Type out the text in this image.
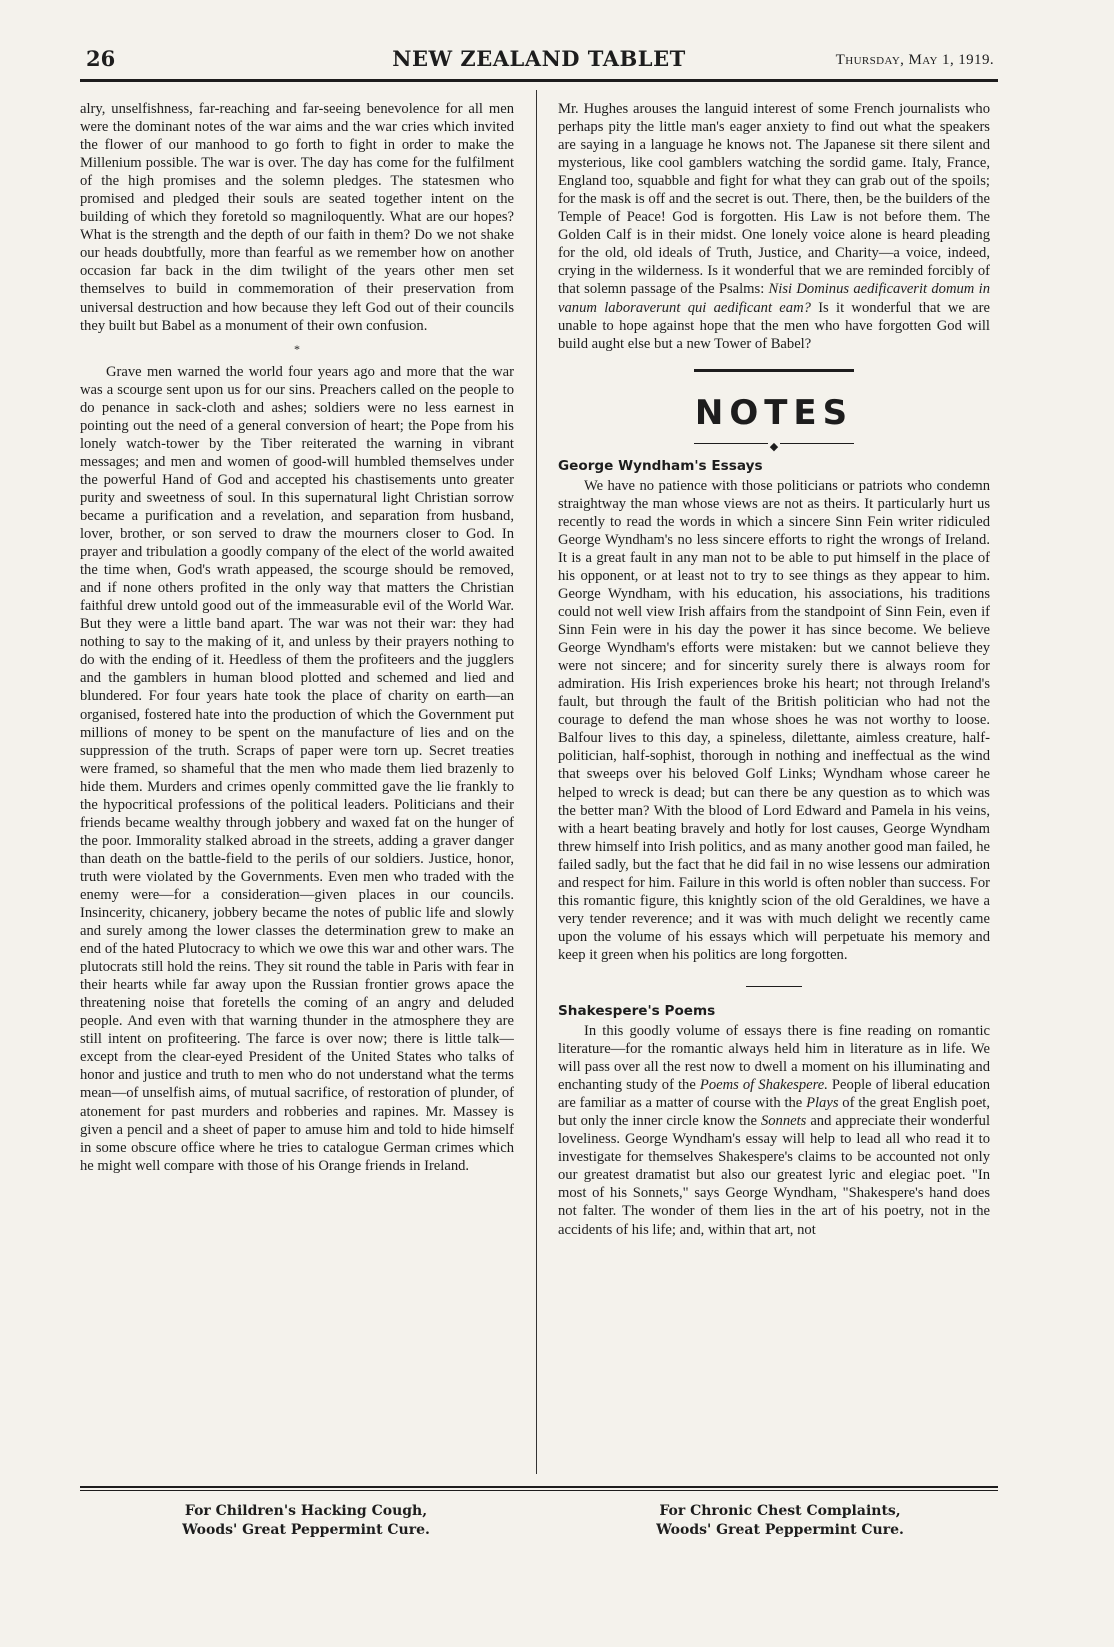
26	NEW ZEALAND TABLET	Thursday, May 1, 1919.

alry, unselfishness, far-reaching and far-seeing benevolence for all men were the dominant notes of the war aims and the war cries which invited the flower of our manhood to go forth to fight in order to make the Millenium possible. The war is over. The day has come for the fulfilment of the high promises and the solemn pledges. The statesmen who promised and pledged their souls are seated together intent on the building of which they foretold so magniloquently. What are our hopes? What is the strength and the depth of our faith in them? Do we not shake our heads doubtfully, more than fearful as we remember how on another occasion far back in the dim twilight of the years other men set themselves to build in commemoration of their preservation from universal destruction and how because they left God out of their councils they built but Babel as a monument of their own confusion.

*

Grave men warned the world four years ago and more that the war was a scourge sent upon us for our sins. Preachers called on the people to do penance in sack-cloth and ashes; soldiers were no less earnest in pointing out the need of a general conversion of heart; the Pope from his lonely watch-tower by the Tiber reiterated the warning in vibrant messages; and men and women of good-will humbled themselves under the powerful Hand of God and accepted his chastisements unto greater purity and sweetness of soul. In this supernatural light Christian sorrow became a purification and a revelation, and separation from husband, lover, brother, or son served to draw the mourners closer to God. In prayer and tribulation a goodly company of the elect of the world awaited the time when, God's wrath appeased, the scourge should be removed, and if none others profited in the only way that matters the Christian faithful drew untold good out of the immeasurable evil of the World War. But they were a little band apart. The war was not their war: they had nothing to say to the making of it, and unless by their prayers nothing to do with the ending of it. Heedless of them the profiteers and the jugglers and the gamblers in human blood plotted and schemed and lied and blundered. For four years hate took the place of charity on earth—an organised, fostered hate into the production of which the Government put millions of money to be spent on the manufacture of lies and on the suppression of the truth. Scraps of paper were torn up. Secret treaties were framed, so shameful that the men who made them lied brazenly to hide them. Murders and crimes openly committed gave the lie frankly to the hypocritical professions of the political leaders. Politicians and their friends became wealthy through jobbery and waxed fat on the hunger of the poor. Immorality stalked abroad in the streets, adding a graver danger than death on the battle-field to the perils of our soldiers. Justice, honor, truth were violated by the Governments. Even men who traded with the enemy were—for a consideration—given places in our councils. Insincerity, chicanery, jobbery became the notes of public life and slowly and surely among the lower classes the determination grew to make an end of the hated Plutocracy to which we owe this war and other wars. The plutocrats still hold the reins. They sit round the table in Paris with fear in their hearts while far away upon the Russian frontier grows apace the threatening noise that foretells the coming of an angry and deluded people. And even with that warning thunder in the atmosphere they are still intent on profiteering. The farce is over now; there is little talk—except from the clear-eyed President of the United States who talks of honor and justice and truth to men who do not understand what the terms mean—of unselfish aims, of mutual sacrifice, of restoration of plunder, of atonement for past murders and robberies and rapines. Mr. Massey is given a pencil and a sheet of paper to amuse him and told to hide himself in some obscure office where he tries to catalogue German crimes which he might well compare with those of his Orange friends in Ireland.

Mr. Hughes arouses the languid interest of some French journalists who perhaps pity the little man's eager anxiety to find out what the speakers are saying in a language he knows not. The Japanese sit there silent and mysterious, like cool gamblers watching the sordid game. Italy, France, England too, squabble and fight for what they can grab out of the spoils; for the mask is off and the secret is out. There, then, be the builders of the Temple of Peace! God is forgotten. His Law is not before them. The Golden Calf is in their midst. One lonely voice alone is heard pleading for the old, old ideals of Truth, Justice, and Charity—a voice, indeed, crying in the wilderness. Is it wonderful that we are reminded forcibly of that solemn passage of the Psalms: Nisi Dominus aedificaverit domum in vanum laboraverunt qui aedificant eam? Is it wonderful that we are unable to hope against hope that the men who have forgotten God will build aught else but a new Tower of Babel?

NOTES
◆
George Wyndham's Essays

We have no patience with those politicians or patriots who condemn straightway the man whose views are not as theirs. It particularly hurt us recently to read the words in which a sincere Sinn Fein writer ridiculed George Wyndham's no less sincere efforts to right the wrongs of Ireland. It is a great fault in any man not to be able to put himself in the place of his opponent, or at least not to try to see things as they appear to him. George Wyndham, with his education, his associations, his traditions could not well view Irish affairs from the standpoint of Sinn Fein, even if Sinn Fein were in his day the power it has since become. We believe George Wyndham's efforts were mistaken: but we cannot believe they were not sincere; and for sincerity surely there is always room for admiration. His Irish experiences broke his heart; not through Ireland's fault, but through the fault of the British politician who had not the courage to defend the man whose shoes he was not worthy to loose. Balfour lives to this day, a spineless, dilettante, aimless creature, half-politician, half-sophist, thorough in nothing and ineffectual as the wind that sweeps over his beloved Golf Links; Wyndham whose career he helped to wreck is dead; but can there be any question as to which was the better man? With the blood of Lord Edward and Pamela in his veins, with a heart beating bravely and hotly for lost causes, George Wyndham threw himself into Irish politics, and as many another good man failed, he failed sadly, but the fact that he did fail in no wise lessens our admiration and respect for him. Failure in this world is often nobler than success. For this romantic figure, this knightly scion of the old Geraldines, we have a very tender reverence; and it was with much delight we recently came upon the volume of his essays which will perpetuate his memory and keep it green when his politics are long forgotten.

Shakespere's Poems

In this goodly volume of essays there is fine reading on romantic literature—for the romantic always held him in literature as in life. We will pass over all the rest now to dwell a moment on his illuminating and enchanting study of the Poems of Shakespere. People of liberal education are familiar as a matter of course with the Plays of the great English poet, but only the inner circle know the Sonnets and appreciate their wonderful loveliness. George Wyndham's essay will help to lead all who read it to investigate for themselves Shakespere's claims to be accounted not only our greatest dramatist but also our greatest lyric and elegiac poet. "In most of his Sonnets," says George Wyndham, "Shakespere's hand does not falter. The wonder of them lies in the art of his poetry, not in the accidents of his life; and, within that art, not

For Children's Hacking Cough,
Woods' Great Peppermint Cure.
For Chronic Chest Complaints,
Woods' Great Peppermint Cure.
